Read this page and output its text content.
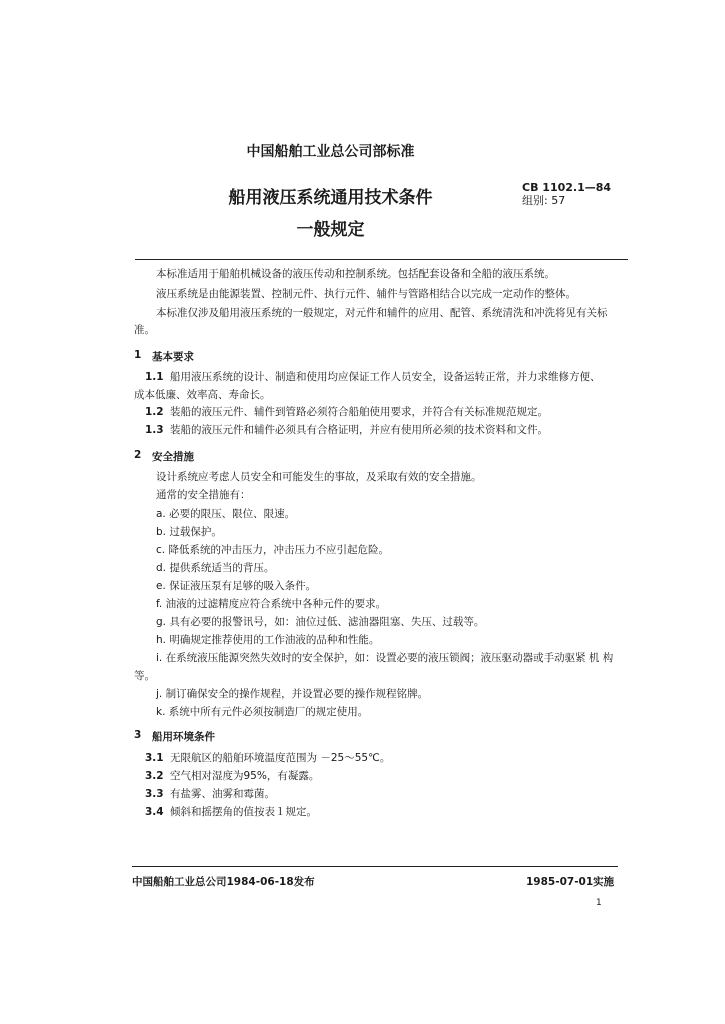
中国船舶工业总公司部标准
船用液压系统通用技术条件
一般规定
CB 1102.1—84
组别: 57
本标准适用于船舶机械设备的液压传动和控制系统。包括配套设备和全船的液压系统。
液压系统是由能源装置、控制元件、执行元件、辅件与管路相结合以完成一定动作的整体。
本标准仅涉及船用液压系统的一般规定，对元件和辅件的应用、配管、系统清洗和冲洗将见有关标
准。
1 基本要求
1.1 船用液压系统的设计、制造和使用均应保证工作人员安全，设备运转正常，并力求维修方便、
成本低廉、效率高、寿命长。
1.2 装船的液压元件、辅件到管路必须符合船舶使用要求，并符合有关标准规范规定。
1.3 装船的液压元件和辅件必须具有合格证明，并应有使用所必须的技术资料和文件。
2 安全措施
设计系统应考虑人员安全和可能发生的事故，及采取有效的安全措施。
通常的安全措施有：
a. 必要的限压、限位、限速。
b. 过载保护。
c. 降低系统的冲击压力，冲击压力不应引起危险。
d. 提供系统适当的背压。
e. 保证液压泵有足够的吸入条件。
f. 油液的过滤精度应符合系统中各种元件的要求。
g. 具有必要的报警讯号，如：油位过低、滤油器阻塞、失压、过载等。
h. 明确规定推荐使用的工作油液的品种和性能。
i. 在系统液压能源突然失效时的安全保护，如：设置必要的液压锁阀；液压驱动器或手动驱紧 机 构
等。
j. 制订确保安全的操作规程，并设置必要的操作规程铭牌。
k. 系统中所有元件必须按制造厂的规定使用。
3 船用环境条件
3.1 无限航区的船舶环境温度范围为 －25～55℃。
3.2 空气相对湿度为95%，有凝露。
3.3 有盐雾、油雾和霉菌。
3.4 倾斜和摇摆角的值按表１规定。
中国船舶工业总公司1984-06-18发布	1985-07-01实施
1
